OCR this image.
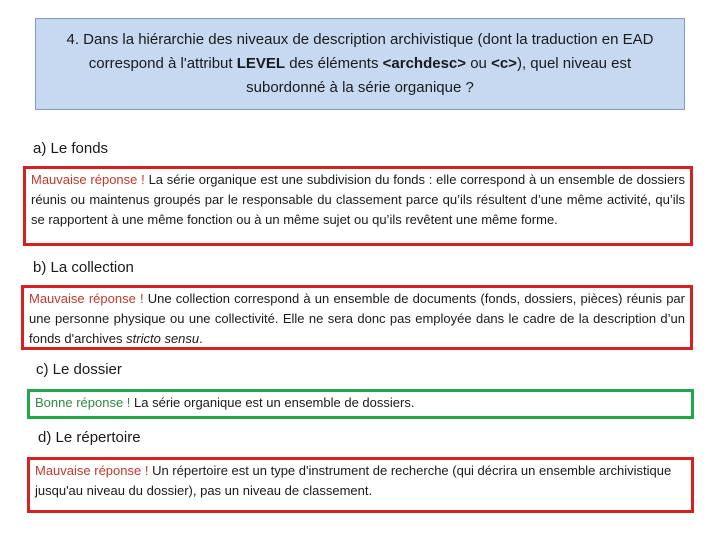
4. Dans la hiérarchie des niveaux de description archivistique (dont la traduction en EAD correspond à l'attribut LEVEL des éléments <archdesc> ou <c>), quel niveau est subordonné à la série organique ?
a) Le fonds
Mauvaise réponse ! La série organique est une subdivision du fonds : elle correspond à un ensemble de dossiers réunis ou maintenus groupés par le responsable du classement parce qu’ils résultent d’une même activité, qu’ils se rapportent à une même fonction ou à un même sujet ou qu’ils revêtent une même forme.
b) La collection
Mauvaise réponse ! Une collection correspond à un ensemble de documents (fonds, dossiers, pièces) réunis par une personne physique ou une collectivité. Elle ne sera donc pas employée dans le cadre de la description d’un fonds d'archives stricto sensu.
c) Le dossier
Bonne réponse ! La série organique est un ensemble de dossiers.
d) Le répertoire
Mauvaise réponse ! Un répertoire est un type d'instrument de recherche (qui décrira un ensemble archivistique jusqu'au niveau du dossier), pas un niveau de classement.
